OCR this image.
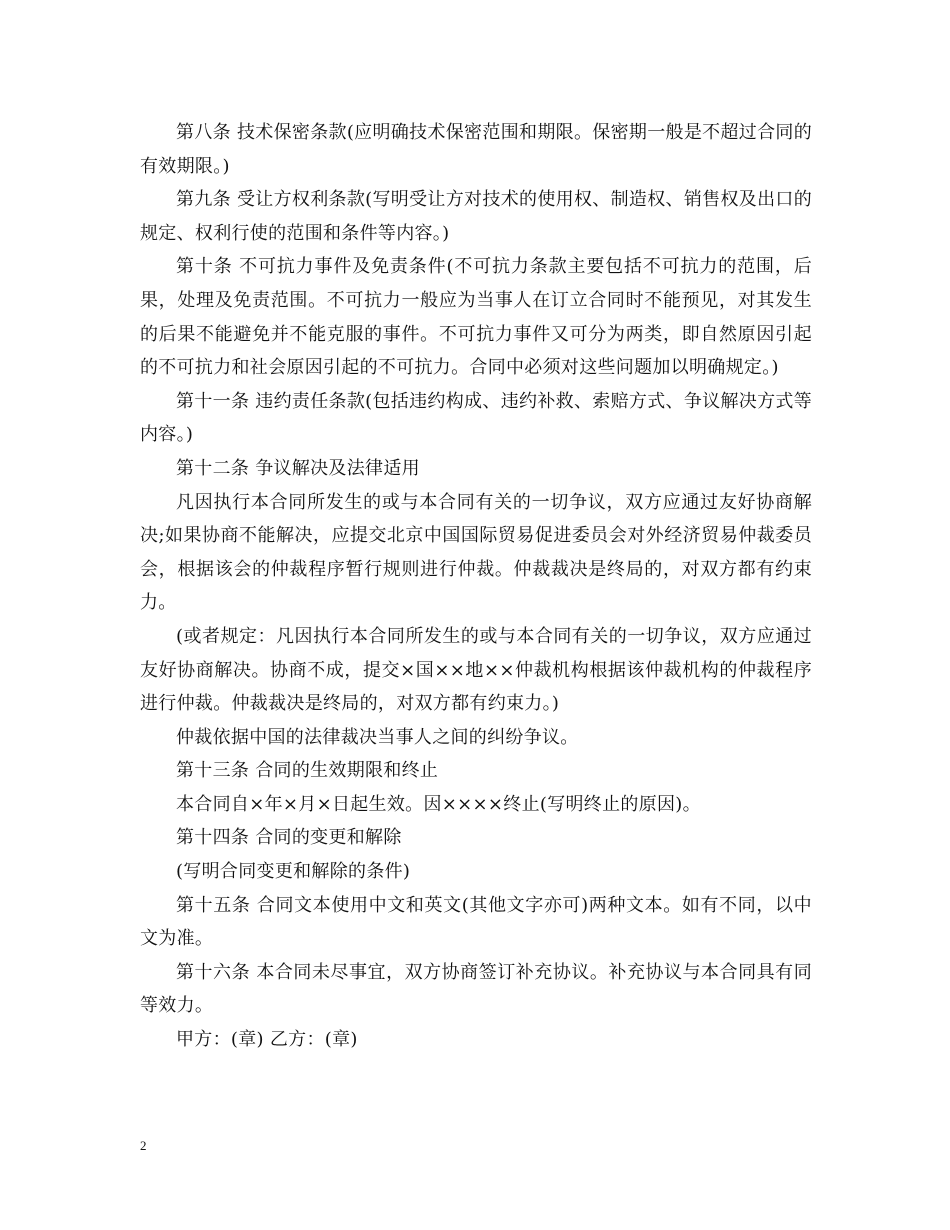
第八条 技术保密条款(应明确技术保密范围和期限。保密期一般是不超过合同的有效期限。)

第九条 受让方权利条款(写明受让方对技术的使用权、制造权、销售权及出口的规定、权利行使的范围和条件等内容。)

第十条 不可抗力事件及免责条件(不可抗力条款主要包括不可抗力的范围，后果，处理及免责范围。不可抗力一般应为当事人在订立合同时不能预见，对其发生的后果不能避免并不能克服的事件。不可抗力事件又可分为两类，即自然原因引起的不可抗力和社会原因引起的不可抗力。合同中必须对这些问题加以明确规定。)

第十一条 违约责任条款(包括违约构成、违约补救、索赔方式、争议解决方式等内容。)

第十二条 争议解决及法律适用

凡因执行本合同所发生的或与本合同有关的一切争议，双方应通过友好协商解决;如果协商不能解决，应提交北京中国国际贸易促进委员会对外经济贸易仲裁委员会，根据该会的仲裁程序暂行规则进行仲裁。仲裁裁决是终局的，对双方都有约束力。

(或者规定：凡因执行本合同所发生的或与本合同有关的一切争议，双方应通过友好协商解决。协商不成，提交×国××地××仲裁机构根据该仲裁机构的仲裁程序进行仲裁。仲裁裁决是终局的，对双方都有约束力。)

仲裁依据中国的法律裁决当事人之间的纠纷争议。

第十三条 合同的生效期限和终止

本合同自×年×月×日起生效。因××××终止(写明终止的原因)。

第十四条 合同的变更和解除

(写明合同变更和解除的条件)

第十五条 合同文本使用中文和英文(其他文字亦可)两种文本。如有不同，以中文为准。

第十六条 本合同未尽事宜，双方协商签订补充协议。补充协议与本合同具有同等效力。

甲方：(章) 乙方：(章)

2
